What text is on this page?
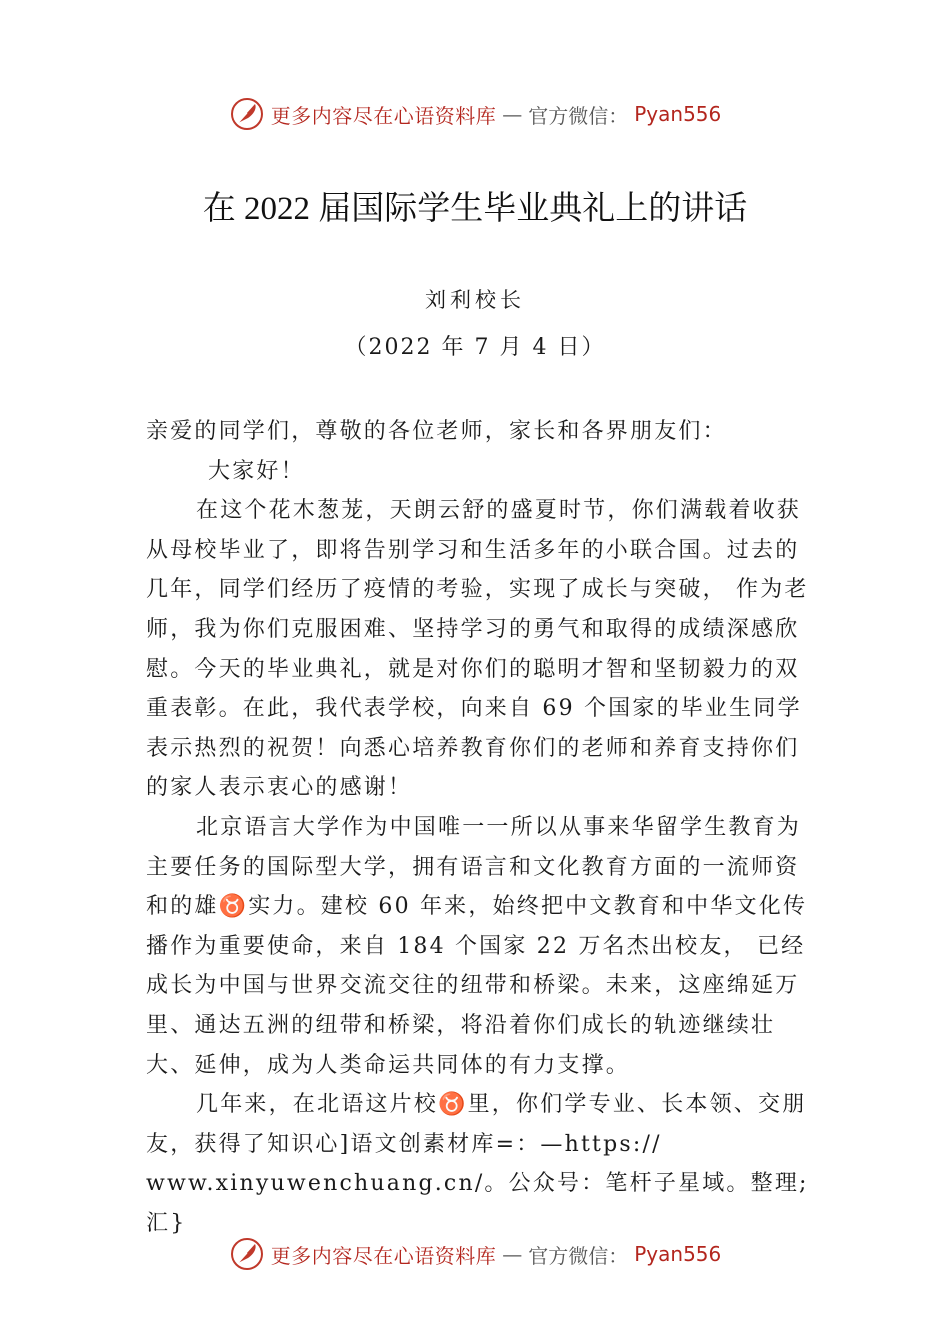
更多内容尽在心语资料库 — 官方微信： Pyan556
在 2022 届国际学生毕业典礼上的讲话
刘利校长
（2022 年 7 月 4 日）

亲爱的同学们，尊敬的各位老师，家长和各界朋友们：

大家好！

在这个花木葱茏，天朗云舒的盛夏时节，你们满载着收获从母校毕业了，即将告别学习和生活多年的小联合国。过去的几年，同学们经历了疫情的考验，实现了成长与突破， 作为老师，我为你们克服困难、坚持学习的勇气和取得的成绩深感欣慰。今天的毕业典礼，就是对你们的聪明才智和坚韧毅力的双重表彰。在此，我代表学校，向来自 69 个国家的毕业生同学表示热烈的祝贺！向悉心培养教育你们的老师和养育支持你们的家人表示衷心的感谢！

北京语言大学作为中国唯一一所以从事来华留学生教育为主要任务的国际型大学，拥有语言和文化教育方面的一流师资和的雄♉实力。建校 60 年来，始终把中文教育和中华文化传播作为重要使命，来自 184 个国家 22 万名杰出校友， 已经成长为中国与世界交流交往的纽带和桥梁。未来，这座绵延万里、通达五洲的纽带和桥梁，将沿着你们成长的轨迹继续壮大、延伸，成为人类命运共同体的有力支撑。

几年来，在北语这片校♉里，你们学专业、长本领、交朋友，获得了知识心]语文创素材库=：—https://

www.xinyuwenchuang.cn/。公众号：笔杆子星域。整理;汇}

更多内容尽在心语资料库 — 官方微信： Pyan556
